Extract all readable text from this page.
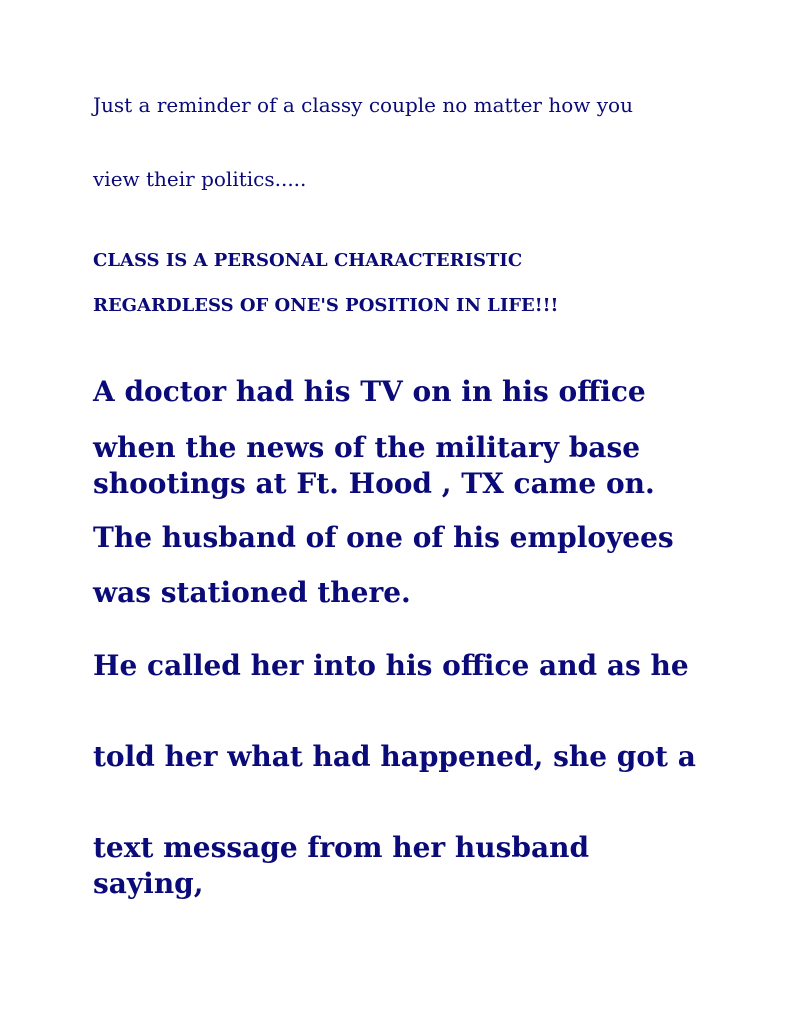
Just a reminder of a classy couple no matter how you

view their politics.....

CLASS IS A PERSONAL CHARACTERISTIC

REGARDLESS OF ONE'S POSITION IN LIFE!!!

A doctor had his TV on in his office

when the news of the military base shootings at Ft. Hood , TX came on.

The husband of one of his employees

was stationed there.

He called her into his office and as he

told her what had happened, she got a

text message from her husband saying,
